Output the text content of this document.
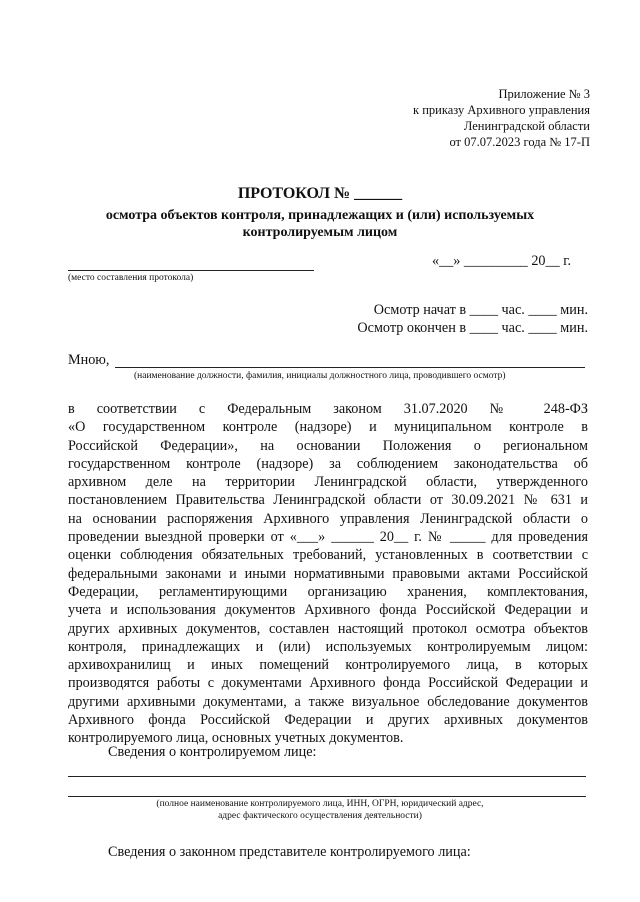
Приложение № 3
к приказу Архивного управления
Ленинградской области
от 07.07.2023 года № 17-П
ПРОТОКОЛ № ______
осмотра объектов контроля, принадлежащих и (или) используемых
контролируемым лицом
(место составления протокола)
«__» _________ 20__ г.
Осмотр начат в ____ час. ____ мин.
Осмотр окончен в ____ час. ____ мин.
Мною,
(наименование должности, фамилия, инициалы должностного лица, проводившего осмотр)
в соответствии с Федеральным законом 31.07.2020 № 248-ФЗ
«О государственном контроле (надзоре) и муниципальном контроле в
Российской Федерации», на основании Положения о региональном
государственном контроле (надзоре) за соблюдением законодательства об
архивном деле на территории Ленинградской области, утвержденного
постановлением Правительства Ленинградской области от 30.09.2021 № 631 и
на основании распоряжения Архивного управления Ленинградской области о
проведении выездной проверки от «___» ______ 20__ г. № _____ для проведения
оценки соблюдения обязательных требований, установленных в соответствии с
федеральными законами и иными нормативными правовыми актами Российской
Федерации, регламентирующими организацию хранения, комплектования,
учета и использования документов Архивного фонда Российской Федерации и
других архивных документов, составлен настоящий протокол осмотра объектов
контроля, принадлежащих и (или) используемых контролируемым лицом:
архивохранилищ и иных помещений контролируемого лица, в которых
производятся работы с документами Архивного фонда Российской Федерации и
другими архивными документами, а также визуальное обследование документов
Архивного фонда Российской Федерации и других архивных документов
контролируемого лица, основных учетных документов.
Сведения о контролируемом лице:
(полное наименование контролируемого лица, ИНН, ОГРН, юридический адрес,
адрес фактического осуществления деятельности)
Сведения о законном представителе контролируемого лица:
